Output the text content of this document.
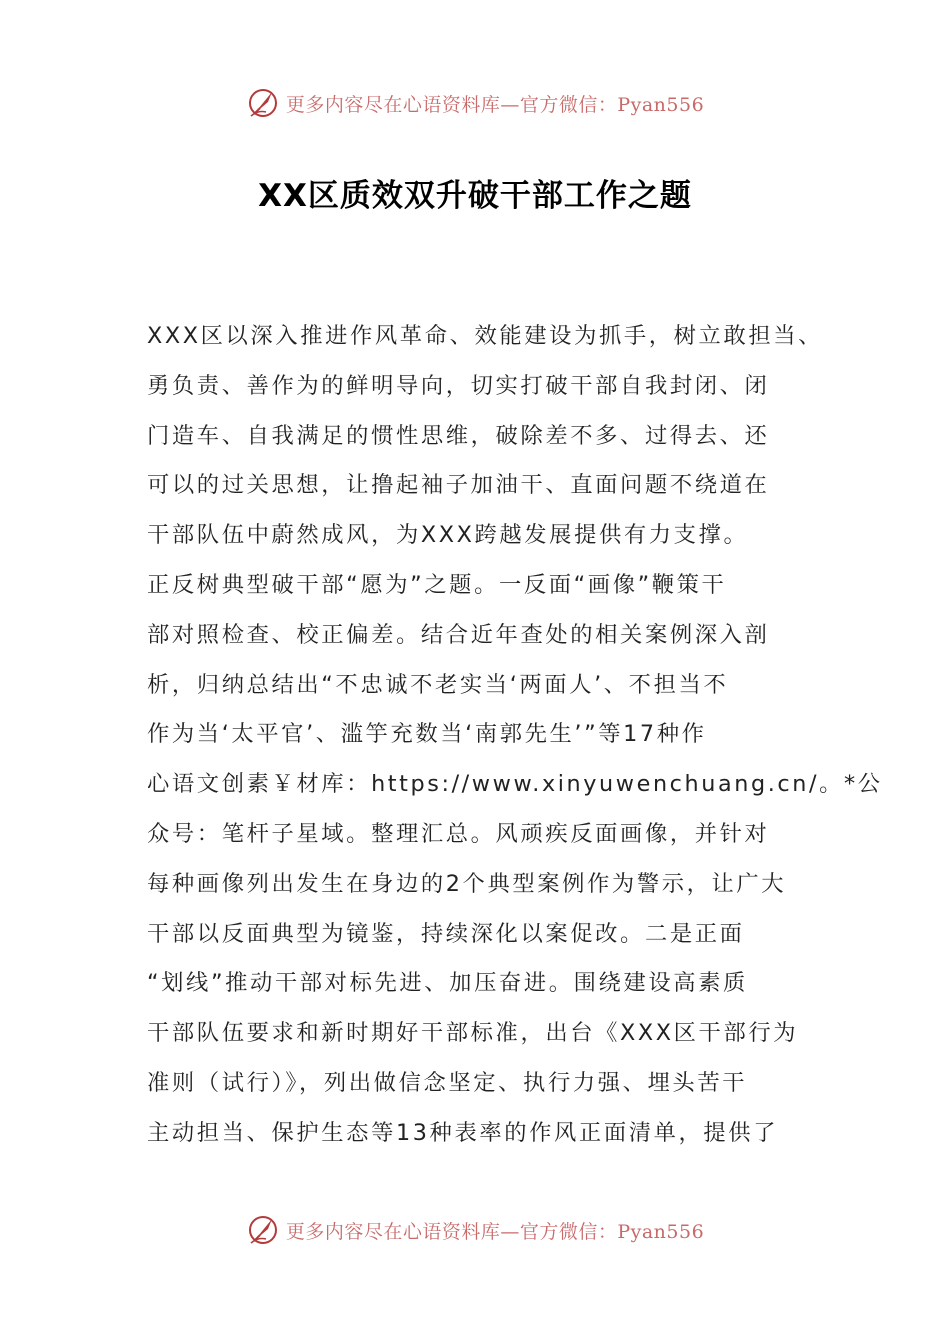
更多内容尽在心语资料库—官方微信：Pyan556
XX区质效双升破干部工作之题
XXX区以深入推进作风革命、效能建设为抓手，树立敢担当、
勇负责、善作为的鲜明导向，切实打破干部自我封闭、闭
门造车、自我满足的惯性思维，破除差不多、过得去、还
可以的过关思想，让撸起袖子加油干、直面问题不绕道在
干部队伍中蔚然成风，为XXX跨越发展提供有力支撑。
正反树典型破干部“愿为”之题。一反面“画像”鞭策干
部对照检查、校正偏差。结合近年查处的相关案例深入剖
析，归纳总结出“不忠诚不老实当‘两面人’、不担当不
作为当‘太平官’、滥竽充数当‘南郭先生’”等17种作
心语文创素￥材库：https://www.xinyuwenchuang.cn/。*公
众号：笔杆子星域。整理汇总。风顽疾反面画像，并针对
每种画像列出发生在身边的2个典型案例作为警示，让广大
干部以反面典型为镜鉴，持续深化以案促改。二是正面
“划线”推动干部对标先进、加压奋进。围绕建设高素质
干部队伍要求和新时期好干部标准，出台《XXX区干部行为
准则（试行）》，列出做信念坚定、执行力强、埋头苦干
主动担当、保护生态等13种表率的作风正面清单，提供了
更多内容尽在心语资料库—官方微信：Pyan556
